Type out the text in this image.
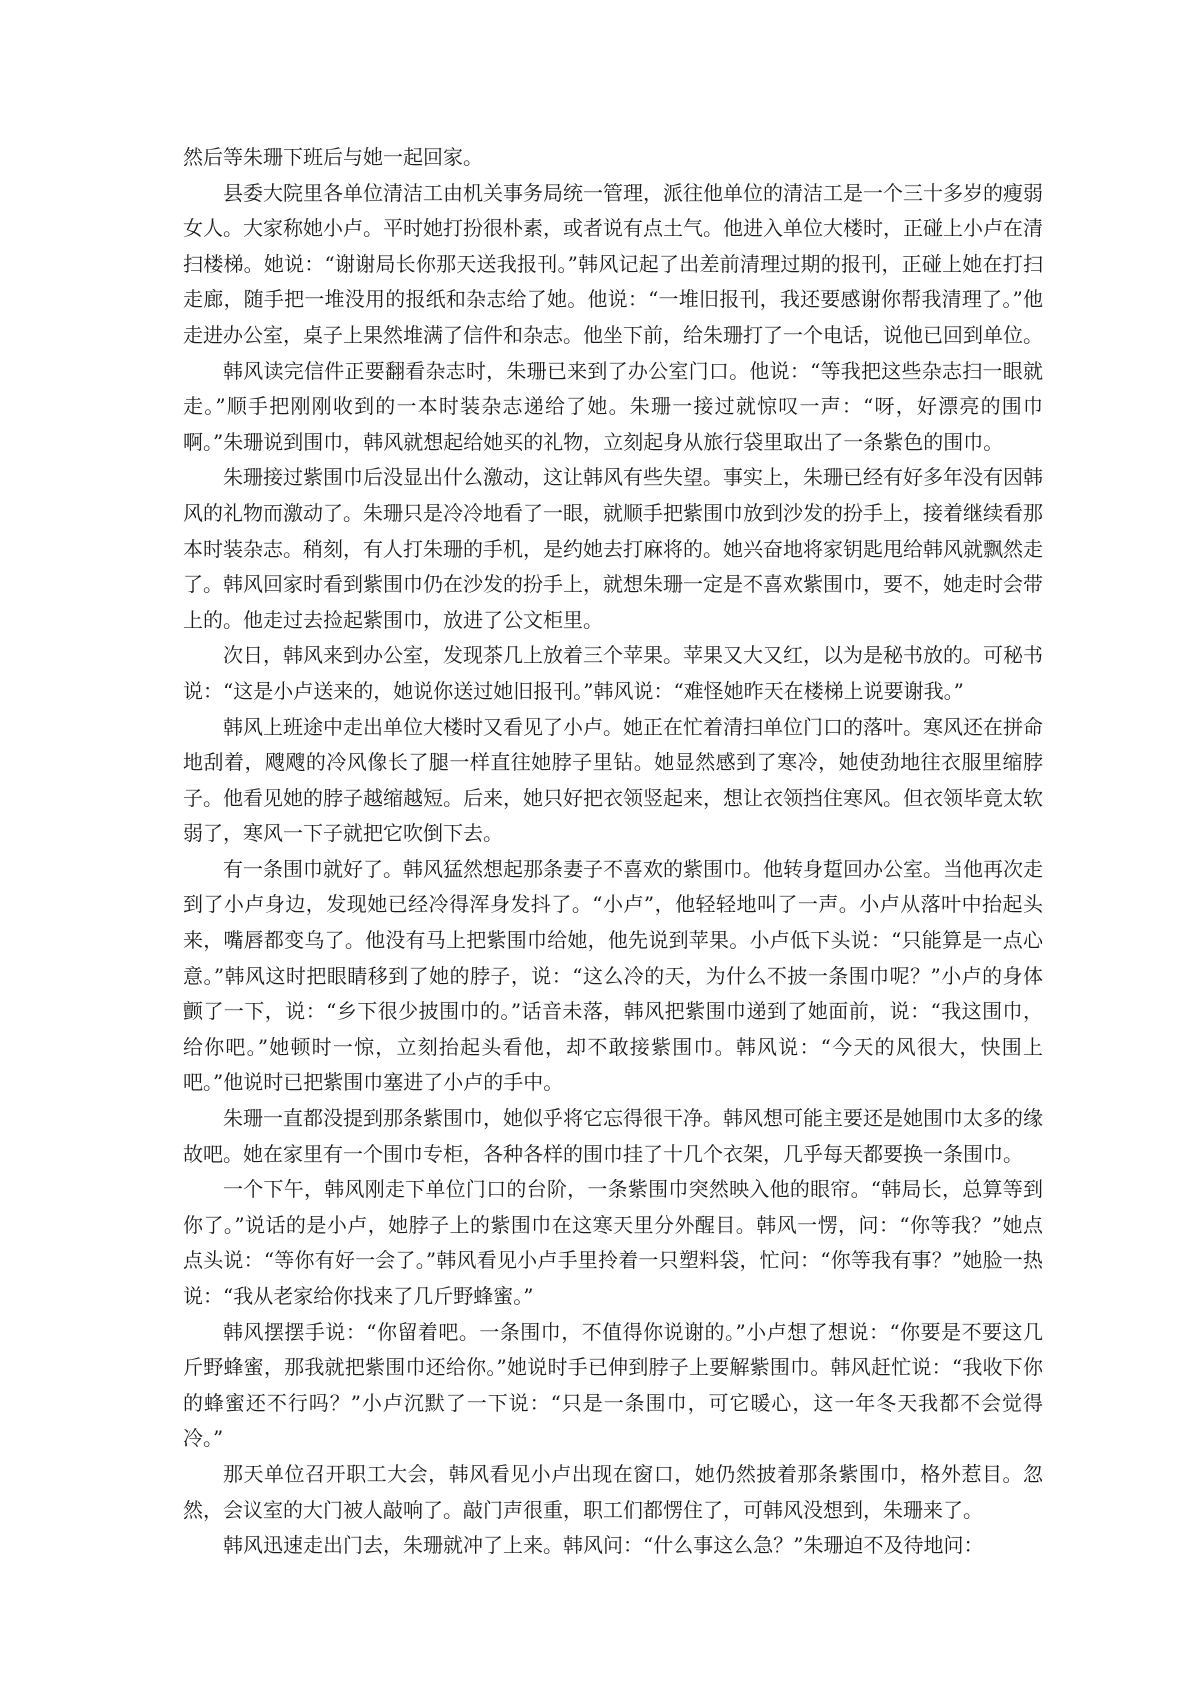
然后等朱珊下班后与她一起回家。

县委大院里各单位清洁工由机关事务局统一管理，派往他单位的清洁工是一个三十多岁的瘦弱女人。大家称她小卢。平时她打扮很朴素，或者说有点土气。他进入单位大楼时，正碰上小卢在清扫楼梯。她说：“谢谢局长你那天送我报刊。”韩风记起了出差前清理过期的报刊，正碰上她在打扫走廊，随手把一堆没用的报纸和杂志给了她。他说：“一堆旧报刊，我还要感谢你帮我清理了。”他走进办公室，桌子上果然堆满了信件和杂志。他坐下前，给朱珊打了一个电话，说他已回到单位。

韩风读完信件正要翻看杂志时，朱珊已来到了办公室门口。他说：“等我把这些杂志扫一眼就走。”顺手把刚刚收到的一本时装杂志递给了她。朱珊一接过就惊叹一声：“呀，好漂亮的围巾啊。”朱珊说到围巾，韩风就想起给她买的礼物，立刻起身从旅行袋里取出了一条紫色的围巾。

朱珊接过紫围巾后没显出什么激动，这让韩风有些失望。事实上，朱珊已经有好多年没有因韩风的礼物而激动了。朱珊只是冷冷地看了一眼，就顺手把紫围巾放到沙发的扮手上，接着继续看那本时装杂志。稍刻，有人打朱珊的手机，是约她去打麻将的。她兴奋地将家钥匙甩给韩风就飘然走了。韩风回家时看到紫围巾仍在沙发的扮手上，就想朱珊一定是不喜欢紫围巾，要不，她走时会带上的。他走过去捡起紫围巾，放进了公文柜里。

次日，韩风来到办公室，发现茶几上放着三个苹果。苹果又大又红，以为是秘书放的。可秘书说：“这是小卢送来的，她说你送过她旧报刊。”韩风说：“难怪她昨天在楼梯上说要谢我。”

韩风上班途中走出单位大楼时又看见了小卢。她正在忙着清扫单位门口的落叶。寒风还在拼命地刮着，飕飕的冷风像长了腿一样直往她脖子里钻。她显然感到了寒冷，她使劲地往衣服里缩脖子。他看见她的脖子越缩越短。后来，她只好把衣领竖起来，想让衣领挡住寒风。但衣领毕竟太软弱了，寒风一下子就把它吹倒下去。

有一条围巾就好了。韩风猛然想起那条妻子不喜欢的紫围巾。他转身踅回办公室。当他再次走到了小卢身边，发现她已经冷得浑身发抖了。“小卢”，他轻轻地叫了一声。小卢从落叶中抬起头来，嘴唇都变乌了。他没有马上把紫围巾给她，他先说到苹果。小卢低下头说：“只能算是一点心意。”韩风这时把眼睛移到了她的脖子，说：“这么冷的天，为什么不披一条围巾呢？”小卢的身体颤了一下，说：“乡下很少披围巾的。”话音未落，韩风把紫围巾递到了她面前，说：“我这围巾，给你吧。”她顿时一惊，立刻抬起头看他，却不敢接紫围巾。韩风说：“今天的风很大，快围上吧。”他说时已把紫围巾塞进了小卢的手中。

朱珊一直都没提到那条紫围巾，她似乎将它忘得很干净。韩风想可能主要还是她围巾太多的缘故吧。她在家里有一个围巾专柜，各种各样的围巾挂了十几个衣架，几乎每天都要换一条围巾。

一个下午，韩风刚走下单位门口的台阶，一条紫围巾突然映入他的眼帘。“韩局长，总算等到你了。”说话的是小卢，她脖子上的紫围巾在这寒天里分外醒目。韩风一愣，问：“你等我？”她点点头说：“等你有好一会了。”韩风看见小卢手里拎着一只塑料袋，忙问：“你等我有事？”她脸一热说：“我从老家给你找来了几斤野蜂蜜。”

韩风摆摆手说：“你留着吧。一条围巾，不值得你说谢的。”小卢想了想说：“你要是不要这几斤野蜂蜜，那我就把紫围巾还给你。”她说时手已伸到脖子上要解紫围巾。韩风赶忙说：“我收下你的蜂蜜还不行吗？”小卢沉默了一下说：“只是一条围巾，可它暖心，这一年冬天我都不会觉得冷。”

那天单位召开职工大会，韩风看见小卢出现在窗口，她仍然披着那条紫围巾，格外惹目。忽然，会议室的大门被人敲响了。敲门声很重，职工们都愣住了，可韩风没想到，朱珊来了。

韩风迅速走出门去，朱珊就冲了上来。韩风问：“什么事这么急？”朱珊迫不及待地问：
